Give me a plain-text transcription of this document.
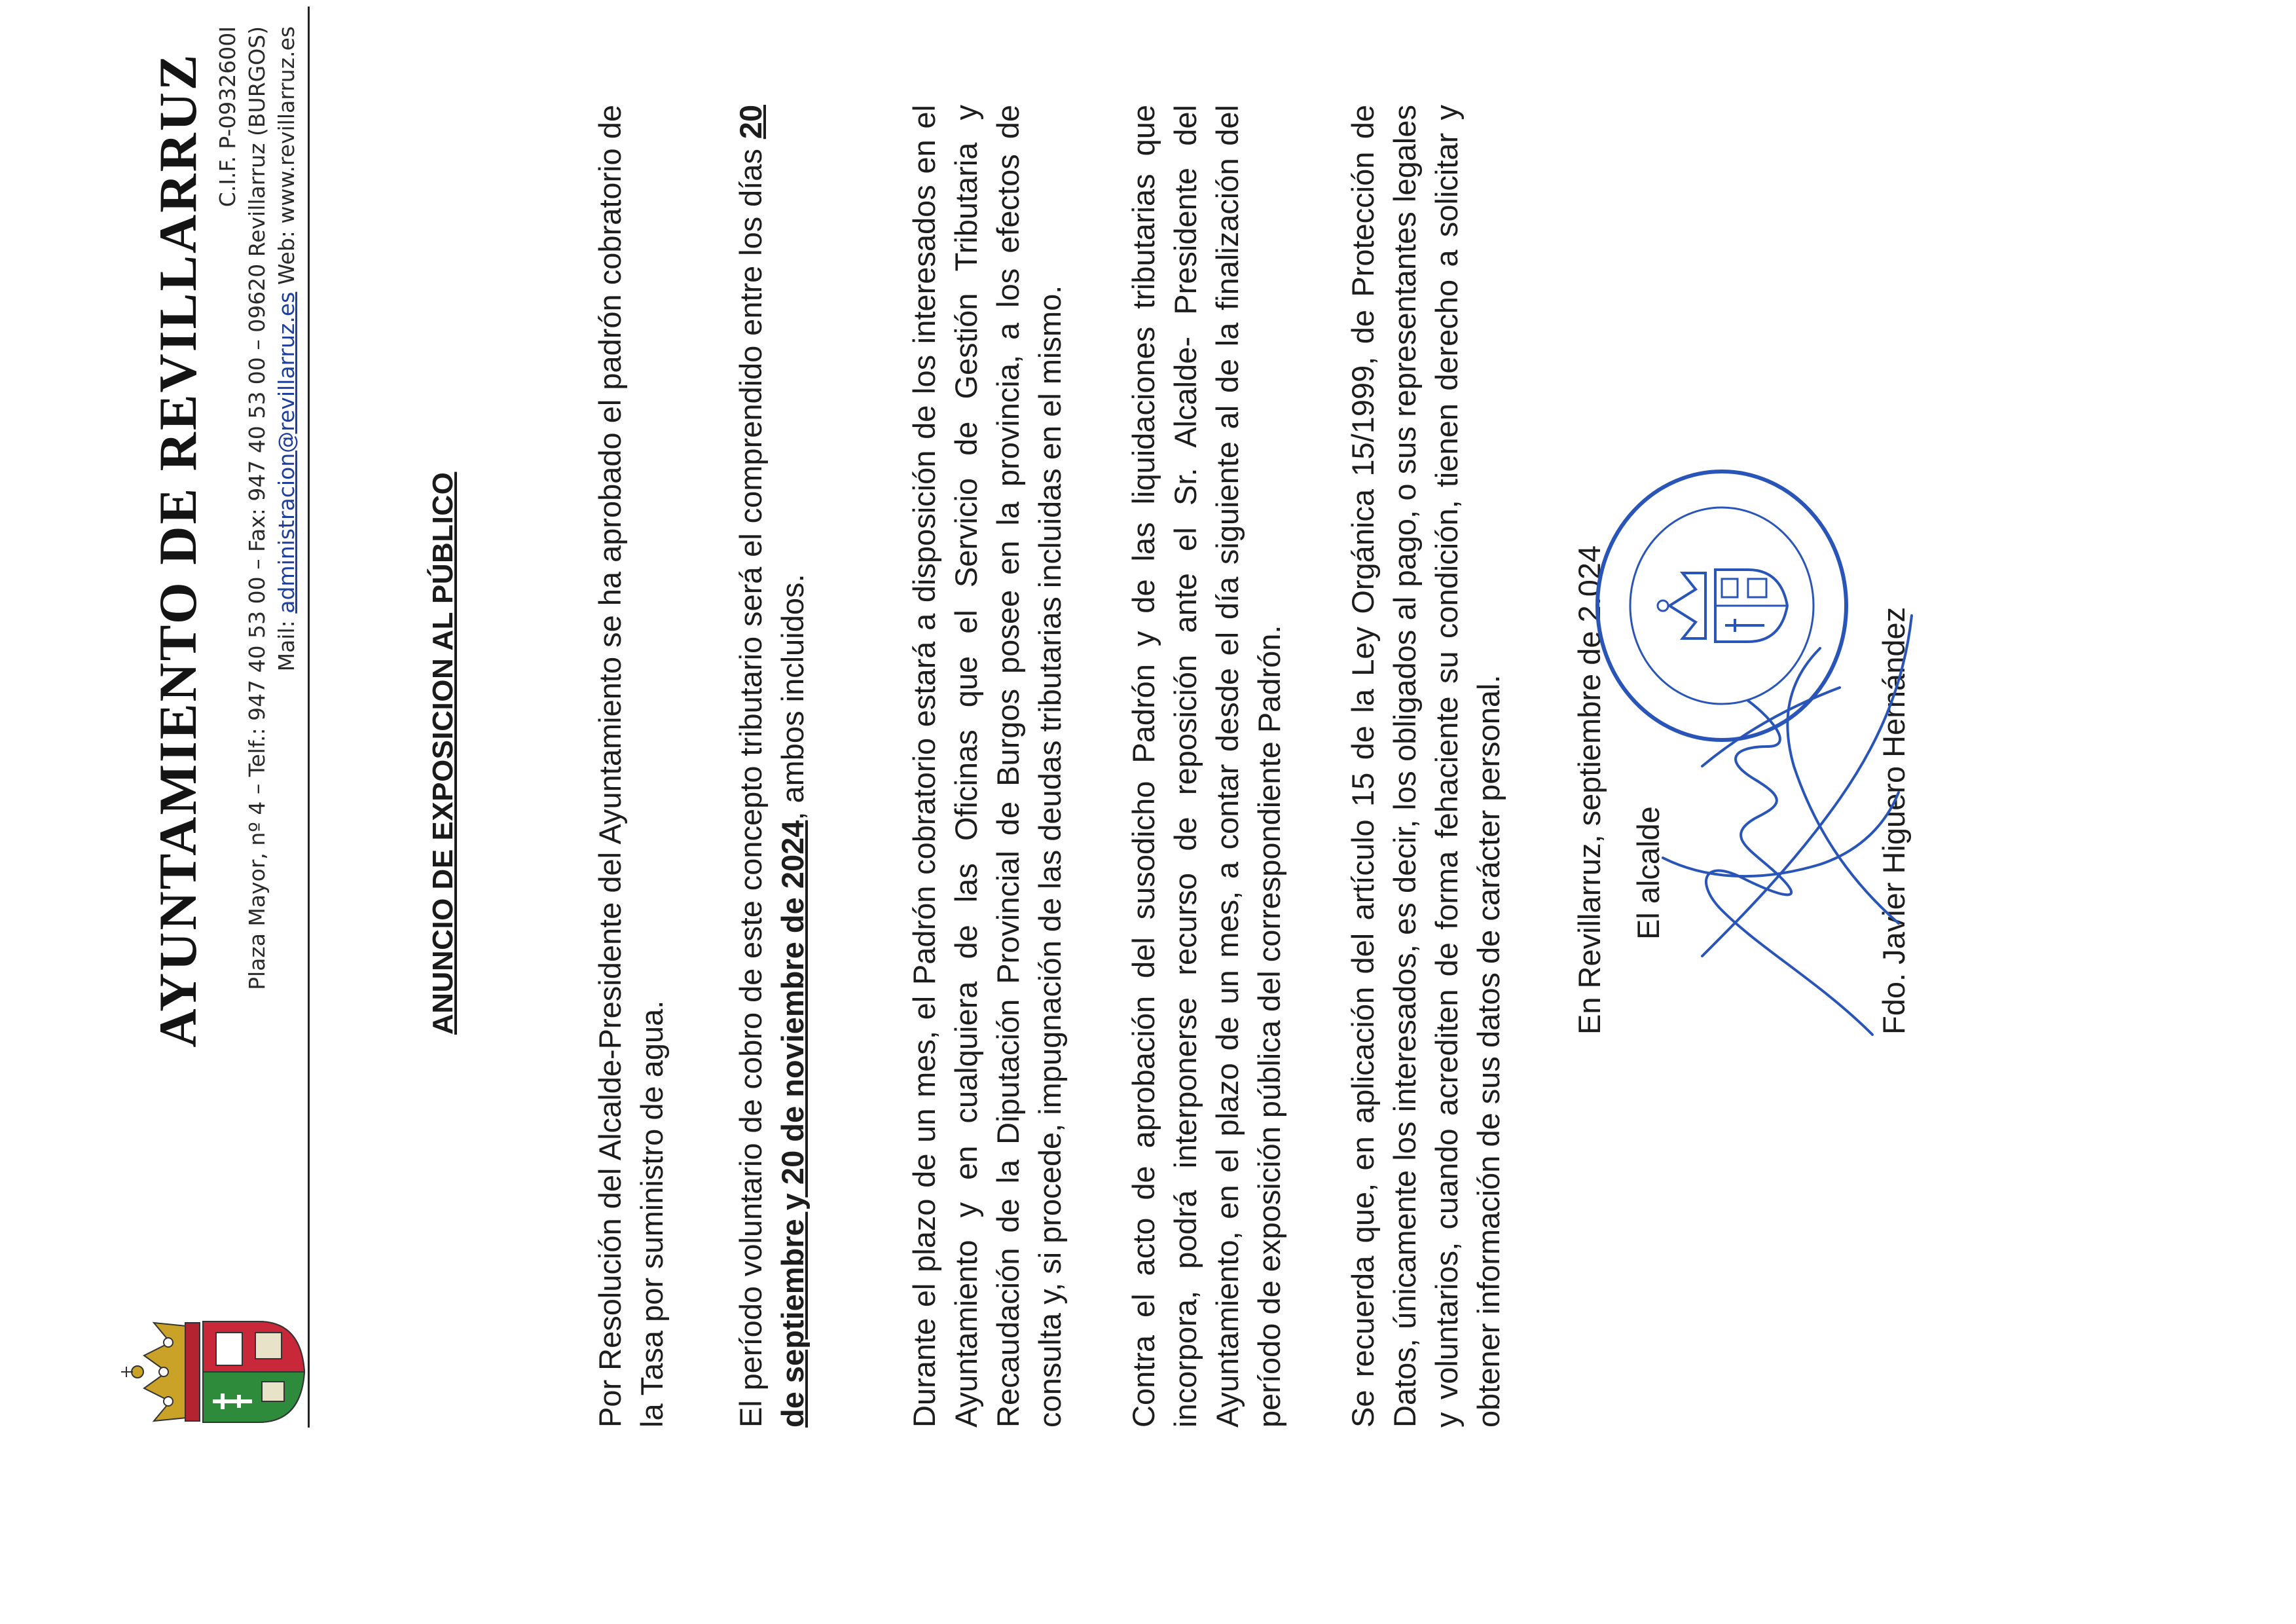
AYUNTAMIENTO DE REVILLARRUZ C.I.F. P-0932600I Plaza Mayor, nº 4 – Telf.: 947 40 53 00 – Fax: 947 40 53 00 – 09620 Revillarruz (BURGOS) Mail: administracion@revillarruz.es Web: www.revillarruz.es
ANUNCIO DE EXPOSICION AL PÚBLICO	Por Resolución del Alcalde-Presidente del Ayuntamiento se ha aprobado el padrón cobratorio de la Tasa por suministro de agua. El período voluntario de cobro de este concepto tributario será el comprendido entre los días 20 de septiembre y 20 de noviembre de 2024, ambos incluidos.	Durante el plazo de un mes, el Padrón cobratorio estará a disposición de los interesados en el Ayuntamiento y en cualquiera de las Oficinas que el Servicio de Gestión Tributaria y Recaudación de la Diputación Provincial de Burgos posee en la provincia, a los efectos de consulta y, si procede, impugnación de las deudas tributarias incluidas en el mismo. Contra el acto de aprobación del susodicho Padrón y de las liquidaciones tributarias que incorpora, podrá interponerse recurso de reposición ante el Sr. Alcalde- Presidente del Ayuntamiento, en el plazo de un mes, a contar desde el día siguiente al de la finalización del período de exposición pública del correspondiente Padrón. Se recuerda que, en aplicación del artículo 15 de la Ley Orgánica 15/1999, de Protección de Datos, únicamente los interesados, es decir, los obligados al pago, o sus representantes legales y voluntarios, cuando acrediten de forma fehaciente su condición, tienen derecho a solicitar y obtener información de sus datos de carácter personal. En Revillarruz, septiembre de 2.024 El alcalde	Fdo. Javier Higuero Hernández
